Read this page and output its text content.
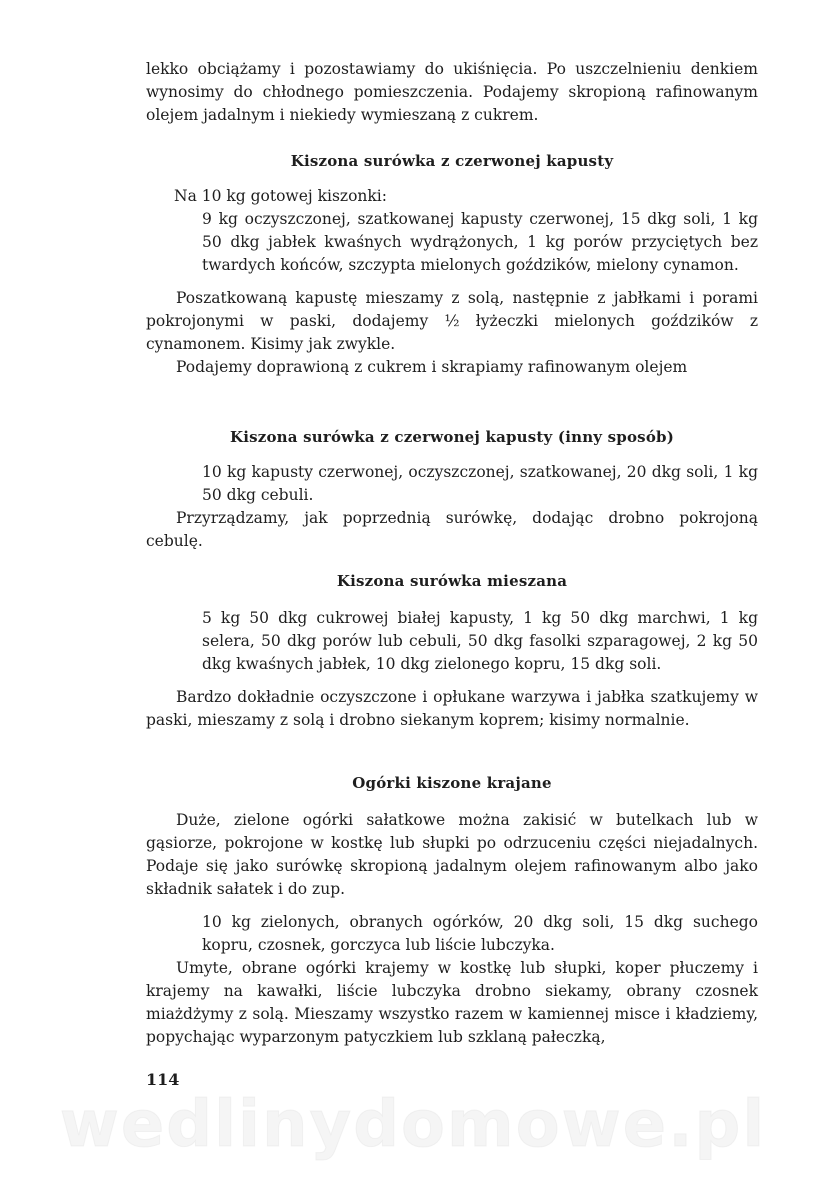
lekko obciążamy i pozostawiamy do ukiśnięcia. Po uszczelnieniu denkiem wynosimy do chłodnego pomieszczenia. Podajemy skropioną rafinowanym olejem jadalnym i niekiedy wymieszaną z cukrem.

Kiszona surówka z czerwonej kapusty

Na 10 kg gotowej kiszonki:

9 kg oczyszczonej, szatkowanej kapusty czerwonej, 15 dkg soli, 1 kg 50 dkg jabłek kwaśnych wydrążonych, 1 kg porów przyciętych bez twardych końców, szczypta mielonych goździków, mielony cynamon.

Poszatkowaną kapustę mieszamy z solą, następnie z jabłkami i porami pokrojonymi w paski, dodajemy ½ łyżeczki mielonych goździków z cynamonem. Kisimy jak zwykle.

Podajemy doprawioną z cukrem i skrapiamy rafinowanym olejem

Kiszona surówka z czerwonej kapusty (inny sposób)

10 kg kapusty czerwonej, oczyszczonej, szatkowanej, 20 dkg soli, 1 kg 50 dkg cebuli.

Przyrządzamy, jak poprzednią surówkę, dodając drobno pokrojoną cebulę.

Kiszona surówka mieszana

5 kg 50 dkg cukrowej białej kapusty, 1 kg 50 dkg marchwi, 1 kg selera, 50 dkg porów lub cebuli, 50 dkg fasolki szparagowej, 2 kg 50 dkg kwaśnych jabłek, 10 dkg zielonego kopru, 15 dkg soli.

Bardzo dokładnie oczyszczone i opłukane warzywa i jabłka szatkujemy w paski, mieszamy z solą i drobno siekanym koprem; kisimy normalnie.

Ogórki kiszone krajane

Duże, zielone ogórki sałatkowe można zakisić w butelkach lub w gąsiorze, pokrojone w kostkę lub słupki po odrzuceniu części niejadalnych. Podaje się jako surówkę skropioną jadalnym olejem rafinowanym albo jako składnik sałatek i do zup.

10 kg zielonych, obranych ogórków, 20 dkg soli, 15 dkg suchego kopru, czosnek, gorczyca lub liście lubczyka.

Umyte, obrane ogórki krajemy w kostkę lub słupki, koper płuczemy i krajemy na kawałki, liście lubczyka drobno siekamy, obrany czosnek miażdżymy z solą. Mieszamy wszystko razem w kamiennej misce i kładziemy, popychając wyparzonym patyczkiem lub szklaną pałeczką,

114
wedlinydomowe.pl
